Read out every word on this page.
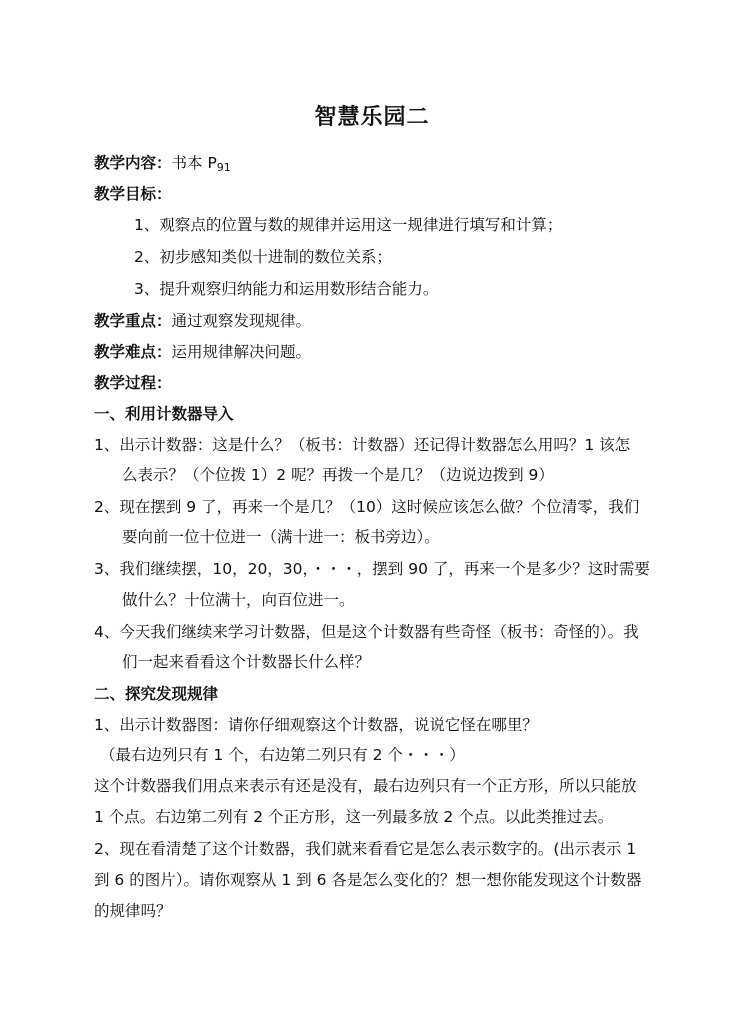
智慧乐园二
教学内容：书本 $P_{91}$
教学目标：
1、观察点的位置与数的规律并运用这一规律进行填写和计算；
2、初步感知类似十进制的数位关系；
3、提升观察归纳能力和运用数形结合能力。
教学重点：通过观察发现规律。
教学难点：运用规律解决问题。
教学过程：
一、利用计数器导入
1、出示计数器：这是什么？（板书：计数器）还记得计数器怎么用吗？1 该怎
么表示？（个位拨 1）2 呢？再拨一个是几？（边说边拨到 9）
2、现在摆到 9 了，再来一个是几？（10）这时候应该怎么做？个位清零，我们
要向前一位十位进一（满十进一：板书旁边）。
3、我们继续摆，10，20，30，・・・，摆到 90 了，再来一个是多少？这时需要
做什么？十位满十，向百位进一。
4、今天我们继续来学习计数器，但是这个计数器有些奇怪（板书：奇怪的）。我
们一起来看看这个计数器长什么样？
二、探究发现规律
1、出示计数器图：请你仔细观察这个计数器，说说它怪在哪里？
（最右边列只有 1 个，右边第二列只有 2 个・・・）
这个计数器我们用点来表示有还是没有，最右边列只有一个正方形，所以只能放
1 个点。右边第二列有 2 个正方形，这一列最多放 2 个点。以此类推过去。
2、现在看清楚了这个计数器，我们就来看看它是怎么表示数字的。(出示表示 1
到 6 的图片）。请你观察从 1 到 6 各是怎么变化的？想一想你能发现这个计数器
的规律吗？
